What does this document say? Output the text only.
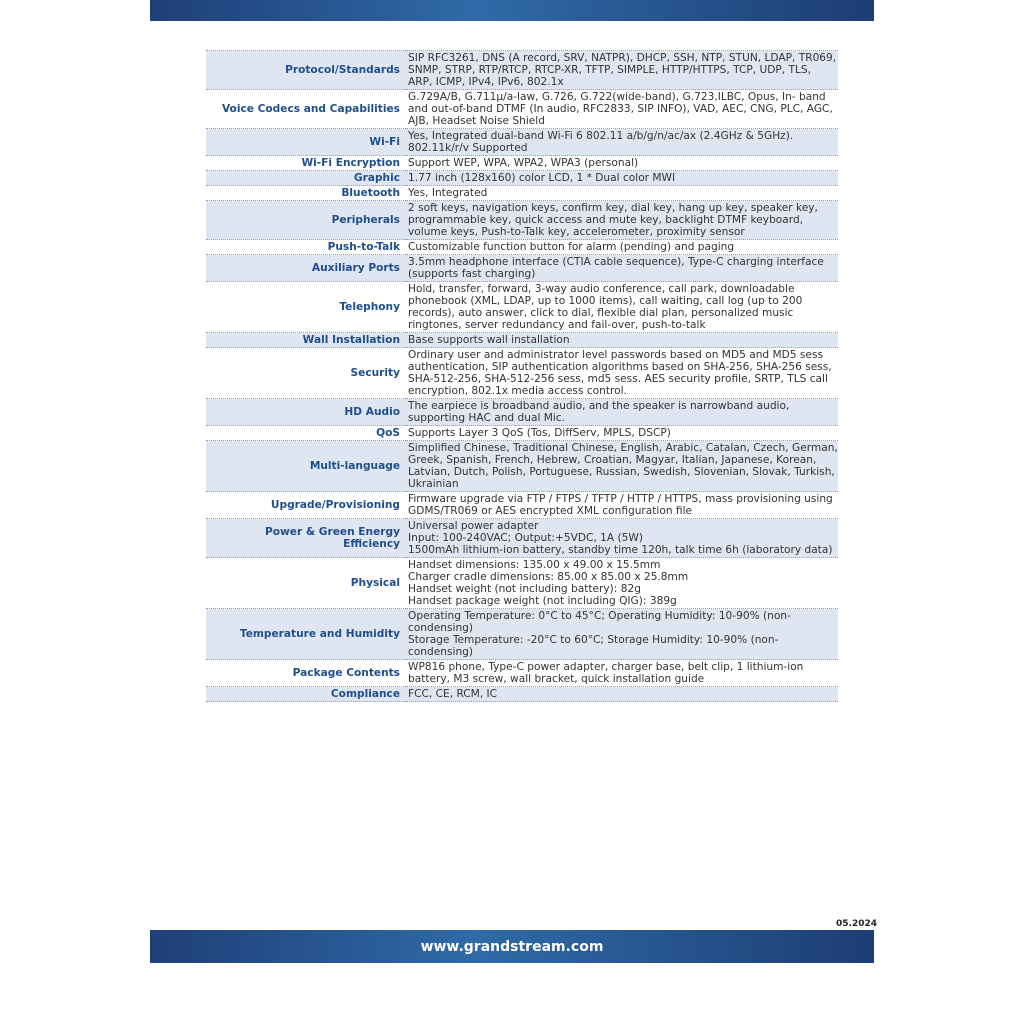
Protocol/Standards	SIP RFC3261, DNS (A record, SRV, NATPR), DHCP, SSH, NTP, STUN, LDAP, TR069, SNMP, STRP, RTP/RTCP, RTCP-XR, TFTP, SIMPLE, HTTP/HTTPS, TCP, UDP, TLS, ARP, ICMP, IPv4, IPv6, 802.1x
Voice Codecs and Capabilities	G.729A/B, G.711µ/a-law, G.726, G.722(wide-band), G.723,ILBC, Opus, In- band and out-of-band DTMF (In audio, RFC2833, SIP INFO), VAD, AEC, CNG, PLC, AGC, AJB, Headset Noise Shield
Wi-Fi	Yes, Integrated dual-band Wi-Fi 6 802.11 a/b/g/n/ac/ax (2.4GHz & 5GHz). 802.11k/r/v Supported
Wi-Fi Encryption	Support WEP, WPA, WPA2, WPA3 (personal)
Graphic	1.77 inch (128x160) color LCD, 1 * Dual color MWI
Bluetooth	Yes, Integrated
Peripherals	2 soft keys, navigation keys, confirm key, dial key, hang up key, speaker key, programmable key, quick access and mute key, backlight DTMF keyboard, volume keys, Push-to-Talk key, accelerometer, proximity sensor
Push-to-Talk	Customizable function button for alarm (pending) and paging
Auxiliary Ports	3.5mm headphone interface (CTIA cable sequence), Type-C charging interface (supports fast charging)
Telephony	Hold, transfer, forward, 3-way audio conference, call park, downloadable phonebook (XML, LDAP, up to 1000 items), call waiting, call log (up to 200 records), auto answer, click to dial, flexible dial plan, personalized music ringtones, server redundancy and fail-over, push-to-talk
Wall Installation	Base supports wall installation
Security	Ordinary user and administrator level passwords based on MD5 and MD5 sess authentication, SIP authentication algorithms based on SHA-256, SHA-256 sess, SHA-512-256, SHA-512-256 sess, md5 sess. AES security profile, SRTP, TLS call encryption, 802.1x media access control.
HD Audio	The earpiece is broadband audio, and the speaker is narrowband audio, supporting HAC and dual Mic.
QoS	Supports Layer 3 QoS (Tos, DiffServ, MPLS, DSCP)
Multi-language	Simplified Chinese, Traditional Chinese, English, Arabic, Catalan, Czech, German, Greek, Spanish, French, Hebrew, Croatian, Magyar, Italian, Japanese, Korean, Latvian, Dutch, Polish, Portuguese, Russian, Swedish, Slovenian, Slovak, Turkish, Ukrainian
Upgrade/Provisioning	Firmware upgrade via FTP / FTPS / TFTP / HTTP / HTTPS, mass provisioning using GDMS/TR069 or AES encrypted XML configuration file
Power & Green Energy Efficiency	Universal power adapter
Input: 100-240VAC; Output:+5VDC, 1A (5W)
1500mAh lithium-ion battery, standby time 120h, talk time 6h (laboratory data)
Physical	Handset dimensions: 135.00 x 49.00 x 15.5mm
Charger cradle dimensions: 85.00 x 85.00 x 25.8mm
Handset weight (not including battery): 82g
Handset package weight (not including QIG): 389g
Temperature and Humidity	Operating Temperature: 0°C to 45°C; Operating Humidity: 10-90% (non-condensing)
Storage Temperature: -20°C to 60°C; Storage Humidity: 10-90% (non-condensing)
Package Contents	WP816 phone, Type-C power adapter, charger base, belt clip, 1 lithium-ion battery, M3 screw, wall bracket, quick installation guide
Compliance	FCC, CE, RCM, IC
05.2024
www.grandstream.com
